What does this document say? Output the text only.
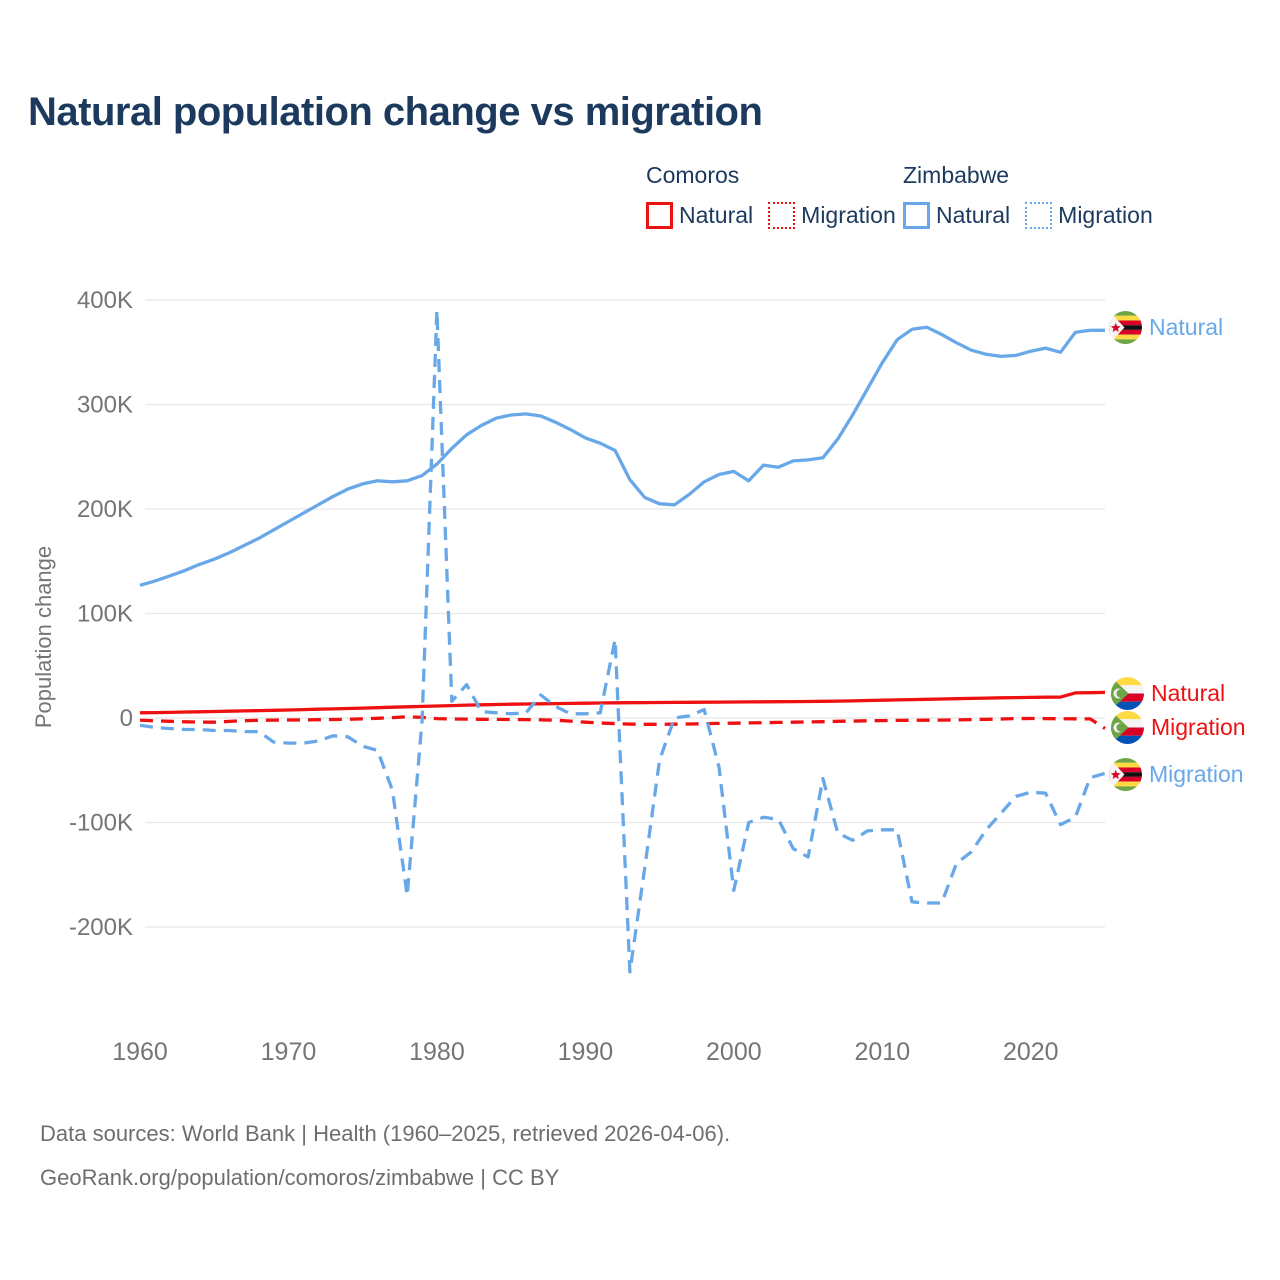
Natural population change vs migration
Comoros
Natural Migration
Zimbabwe
Natural Migration
400K
300K
200K
100K
0
-100K
-200K
1960	1970	1980	1990	2000	2010	2020
Population change
Natural
Natural
Migration
Migration
Data sources: World Bank | Health (1960–2025, retrieved 2026-04-06).
GeoRank.org/population/comoros/zimbabwe | CC BY
